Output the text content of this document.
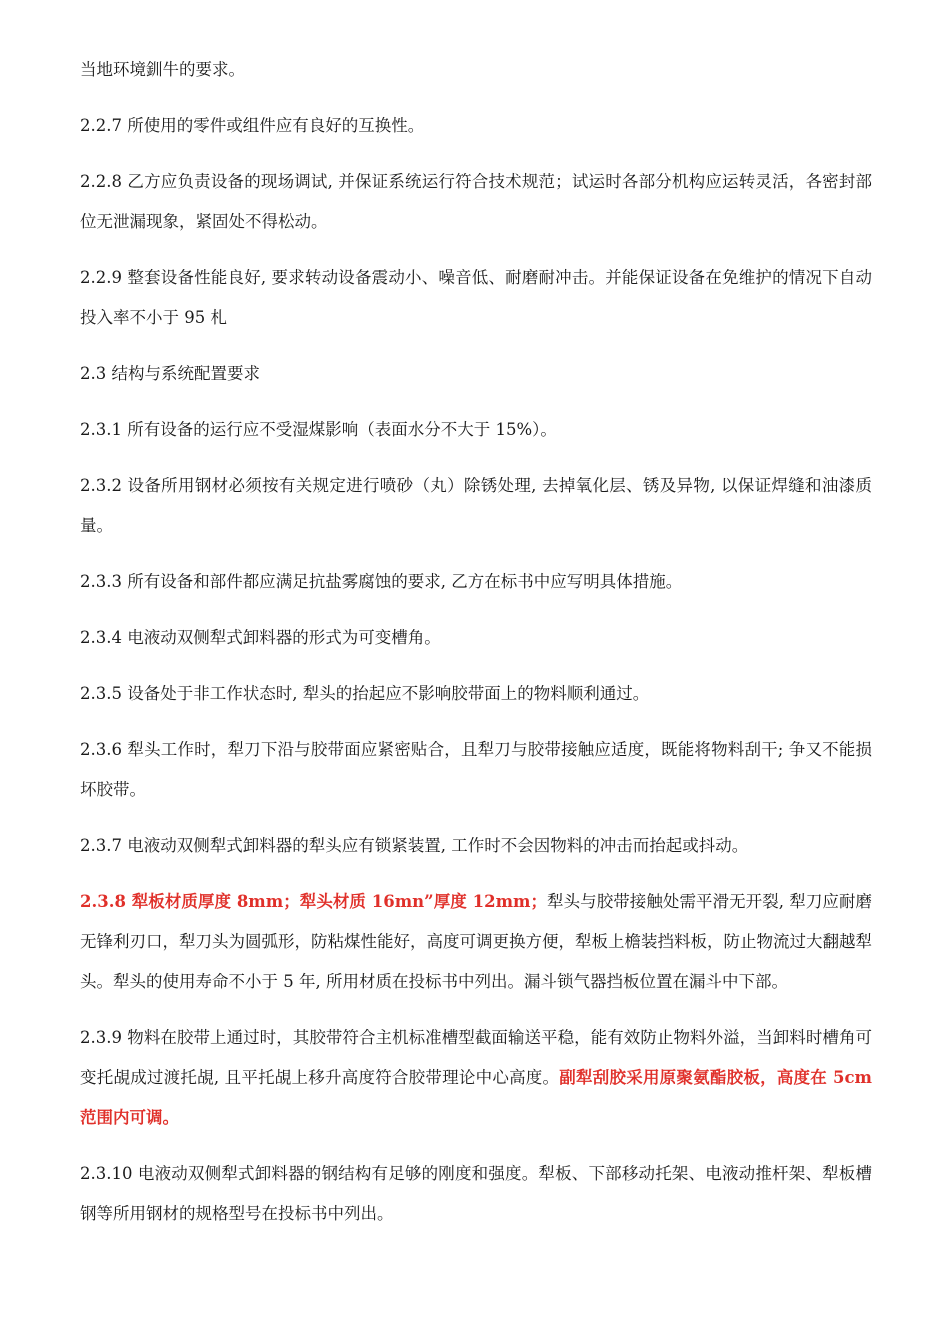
当地环境釧牛的要求。

2.2.7 所使用的零件或组件应有良好的互换性。

2.2.8 乙方应负责设备的现场调试, 并保证系统运行符合技术规范；试运时各部分机构应运转灵活，各密封部位无泄漏现象，紧固处不得松动。

2.2.9 整套设备性能良好, 要求转动设备震动小、噪音低、耐磨耐冲击。并能保证设备在免维护的情况下自动投入率不小于 95 札

2.3 结构与系统配置要求

2.3.1 所有设备的运行应不受湿煤影响（表面水分不大于 15%）。

2.3.2 设备所用钢材必须按有关规定进行喷砂（丸）除锈处理, 去掉氧化层、锈及异物, 以保证焊缝和油漆质量。

2.3.3 所有设备和部件都应满足抗盐雾腐蚀的要求, 乙方在标书中应写明具体措施。

2.3.4 电液动双侧犁式卸料器的形式为可变槽角。

2.3.5 设备处于非工作状态时, 犁头的抬起应不影响胶带面上的物料顺利通过。

2.3.6 犁头工作时，犁刀下沿与胶带面应紧密贴合，且犁刀与胶带接触应适度，既能将物料刮干; 争又不能损坏胶带。

2.3.7 电液动双侧犁式卸料器的犁头应有锁紧装置, 工作时不会因物料的冲击而抬起或抖动。

2.3.8 犁板材质厚度 8mm；犁头材质 16mn”厚度 12mm；犁头与胶带接触处需平滑无开裂, 犁刀应耐磨无锋利刃口，犁刀头为圆弧形，防粘煤性能好，高度可调更换方便，犁板上檐装挡料板，防止物流过大翻越犁头。犁头的使用寿命不小于 5 年, 所用材质在投标书中列出。漏斗锁气器挡板位置在漏斗中下部。

2.3.9 物料在胶带上通过时，其胶带符合主机标准槽型截面输送平稳，能有效防止物料外溢，当卸料时槽角可变托覘成过渡托覘, 且平托覘上移升高度符合胶带理论中心高度。副犁刮胶采用原聚氨酯胶板，高度在 5cm 范围内可调。

2.3.10 电液动双侧犁式卸料器的钢结构有足够的刚度和强度。犁板、下部移动托架、电液动推杆架、犁板槽钢等所用钢材的规格型号在投标书中列出。
